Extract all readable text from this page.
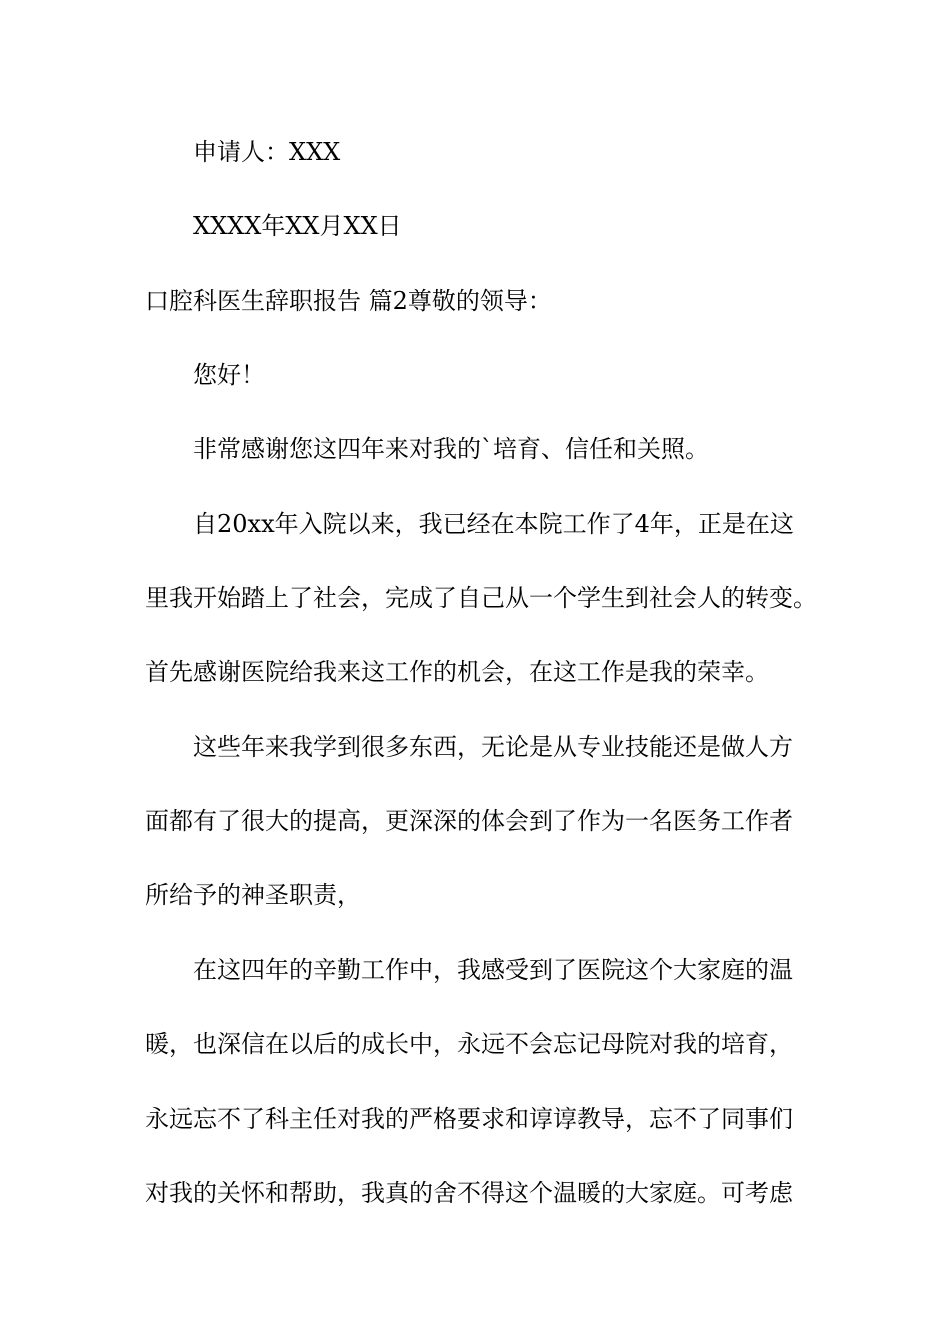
申请人：XXX
XXXX年XX月XX日
口腔科医生辞职报告 篇2尊敬的领导：
您好！
非常感谢您这四年来对我的`培育、信任和关照。
自20xx年入院以来，我已经在本院工作了4年，正是在这
里我开始踏上了社会，完成了自己从一个学生到社会人的转变。
首先感谢医院给我来这工作的机会，在这工作是我的荣幸。
这些年来我学到很多东西，无论是从专业技能还是做人方
面都有了很大的提高，更深深的体会到了作为一名医务工作者
所给予的神圣职责，
在这四年的辛勤工作中，我感受到了医院这个大家庭的温
暖，也深信在以后的成长中，永远不会忘记母院对我的培育，
永远忘不了科主任对我的严格要求和谆谆教导，忘不了同事们
对我的关怀和帮助，我真的舍不得这个温暖的大家庭。可考虑
